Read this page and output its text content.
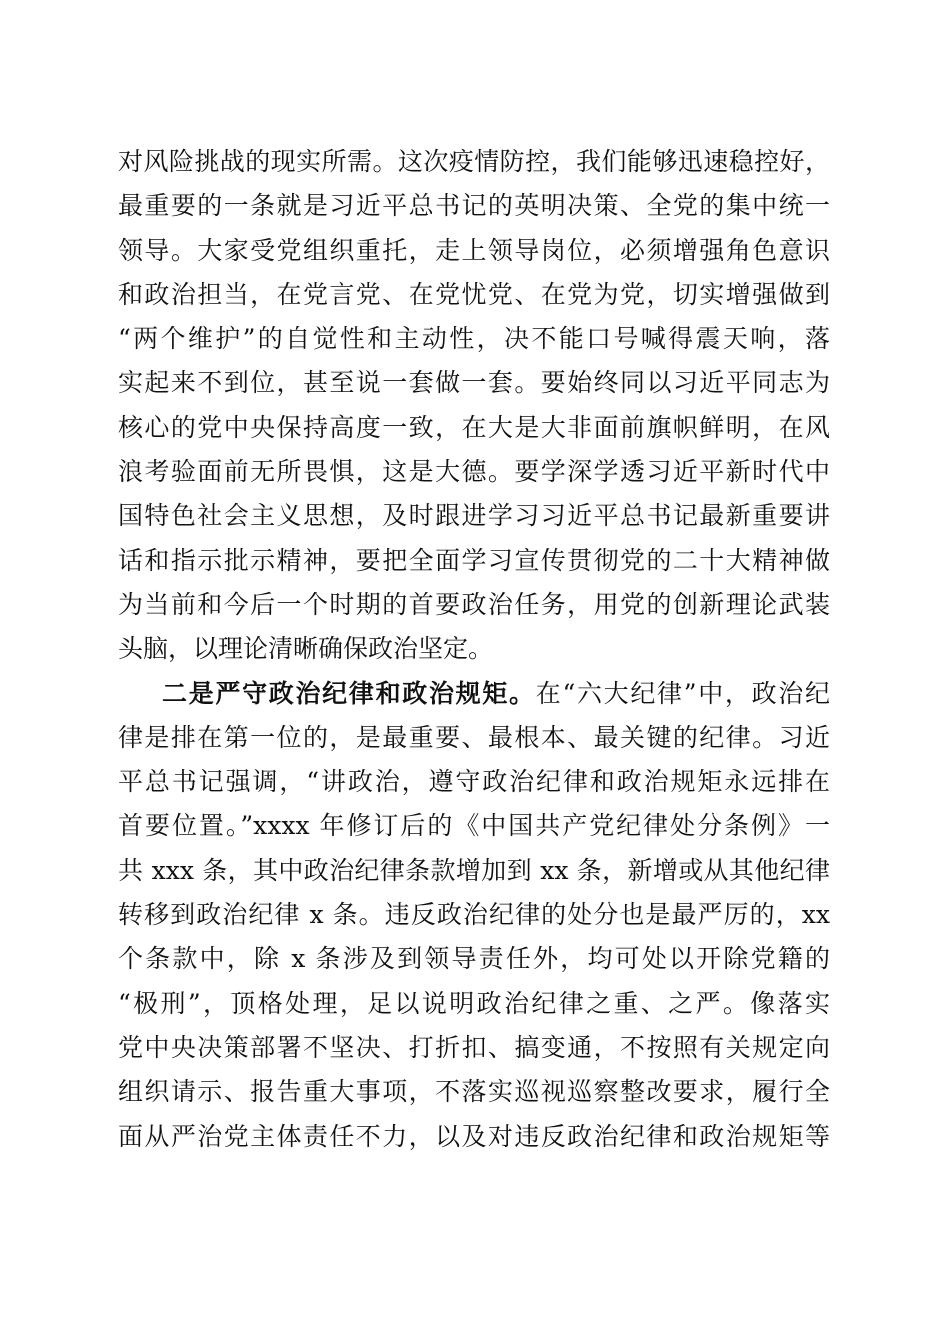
对风险挑战的现实所需。这次疫情防控，我们能够迅速稳控好，
最重要的一条就是习近平总书记的英明决策、全党的集中统一
领导。大家受党组织重托，走上领导岗位，必须增强角色意识
和政治担当，在党言党、在党忧党、在党为党，切实增强做到
“两个维护”的自觉性和主动性，决不能口号喊得震天响，落
实起来不到位，甚至说一套做一套。要始终同以习近平同志为
核心的党中央保持高度一致，在大是大非面前旗帜鲜明，在风
浪考验面前无所畏惧，这是大德。要学深学透习近平新时代中
国特色社会主义思想，及时跟进学习习近平总书记最新重要讲
话和指示批示精神，要把全面学习宣传贯彻党的二十大精神做
为当前和今后一个时期的首要政治任务，用党的创新理论武装
头脑，以理论清晰确保政治坚定。
二是严守政治纪律和政治规矩。在“六大纪律”中，政治纪
律是排在第一位的，是最重要、最根本、最关键的纪律。习近
平总书记强调，“讲政治，遵守政治纪律和政治规矩永远排在
首要位置。”xxxx 年修订后的《中国共产党纪律处分条例》一
共 xxx 条，其中政治纪律条款增加到 xx 条，新增或从其他纪律
转移到政治纪律 x 条。违反政治纪律的处分也是最严厉的，xx
个条款中，除 x 条涉及到领导责任外，均可处以开除党籍的
“极刑”，顶格处理，足以说明政治纪律之重、之严。像落实
党中央决策部署不坚决、打折扣、搞变通，不按照有关规定向
组织请示、报告重大事项，不落实巡视巡察整改要求，履行全
面从严治党主体责任不力，以及对违反政治纪律和政治规矩等
